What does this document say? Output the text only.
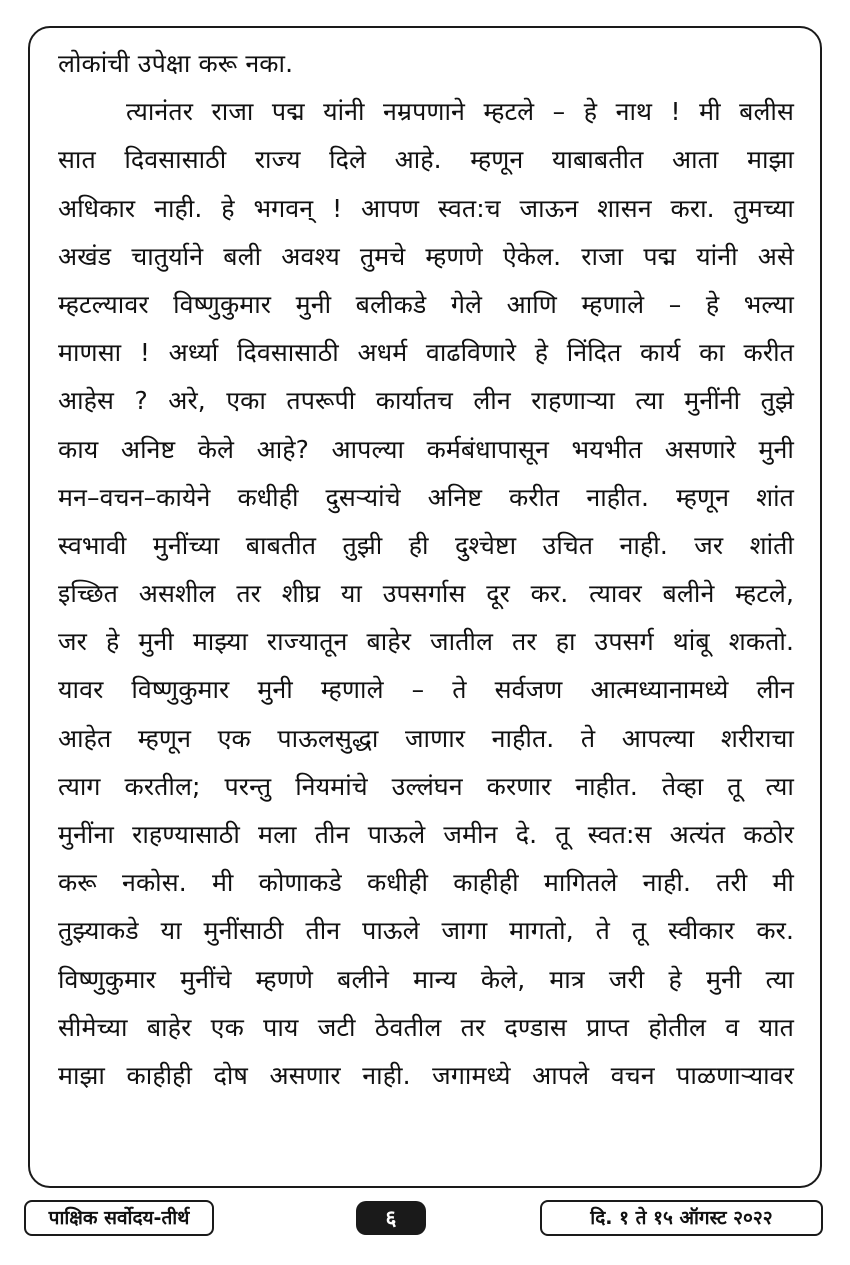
लोकांची उपेक्षा करू नका.
त्यानंतर राजा पद्म यांनी नम्रपणाने म्हटले – हे नाथ ! मी बलीस
सात दिवसासाठी राज्य दिले आहे. म्हणून याबाबतीत आता माझा
अधिकार नाही. हे भगवन् ! आपण स्वत:च जाऊन शासन करा. तुमच्या
अखंड चातुर्याने बली अवश्य तुमचे म्हणणे ऐकेल. राजा पद्म यांनी असे
म्हटल्यावर विष्णुकुमार मुनी बलीकडे गेले आणि म्हणाले – हे भल्या
माणसा ! अर्ध्या दिवसासाठी अधर्म वाढविणारे हे निंदित कार्य का करीत
आहेस ? अरे, एका तपरूपी कार्यातच लीन राहणाऱ्या त्या मुनींनी तुझे
काय अनिष्ट केले आहे? आपल्या कर्मबंधापासून भयभीत असणारे मुनी
मन–वचन–कायेने कधीही दुसऱ्यांचे अनिष्ट करीत नाहीत. म्हणून शांत
स्वभावी मुनींच्या बाबतीत तुझी ही दुश्चेष्टा उचित नाही. जर शांती
इच्छित असशील तर शीघ्र या उपसर्गास दूर कर. त्यावर बलीने म्हटले,
जर हे मुनी माझ्या राज्यातून बाहेर जातील तर हा उपसर्ग थांबू शकतो.
यावर विष्णुकुमार मुनी म्हणाले – ते सर्वजण आत्मध्यानामध्ये लीन
आहेत म्हणून एक पाऊलसुद्धा जाणार नाहीत. ते आपल्या शरीराचा
त्याग करतील; परन्तु नियमांचे उल्लंघन करणार नाहीत. तेव्हा तू त्या
मुनींना राहण्यासाठी मला तीन पाऊले जमीन दे. तू स्वत:स अत्यंत कठोर
करू नकोस. मी कोणाकडे कधीही काहीही मागितले नाही. तरी मी
तुझ्याकडे या मुनींसाठी तीन पाऊले जागा मागतो, ते तू स्वीकार कर.
विष्णुकुमार मुनींचे म्हणणे बलीने मान्य केले, मात्र जरी हे मुनी त्या
सीमेच्या बाहेर एक पाय जटी ठेवतील तर दण्डास प्राप्त होतील व यात
माझा काहीही दोष असणार नाही. जगामध्ये आपले वचन पाळणाऱ्यावर
पाक्षिक सर्वोदय-तीर्थ	६	दि. १ ते १५ ऑगस्ट २०२२
